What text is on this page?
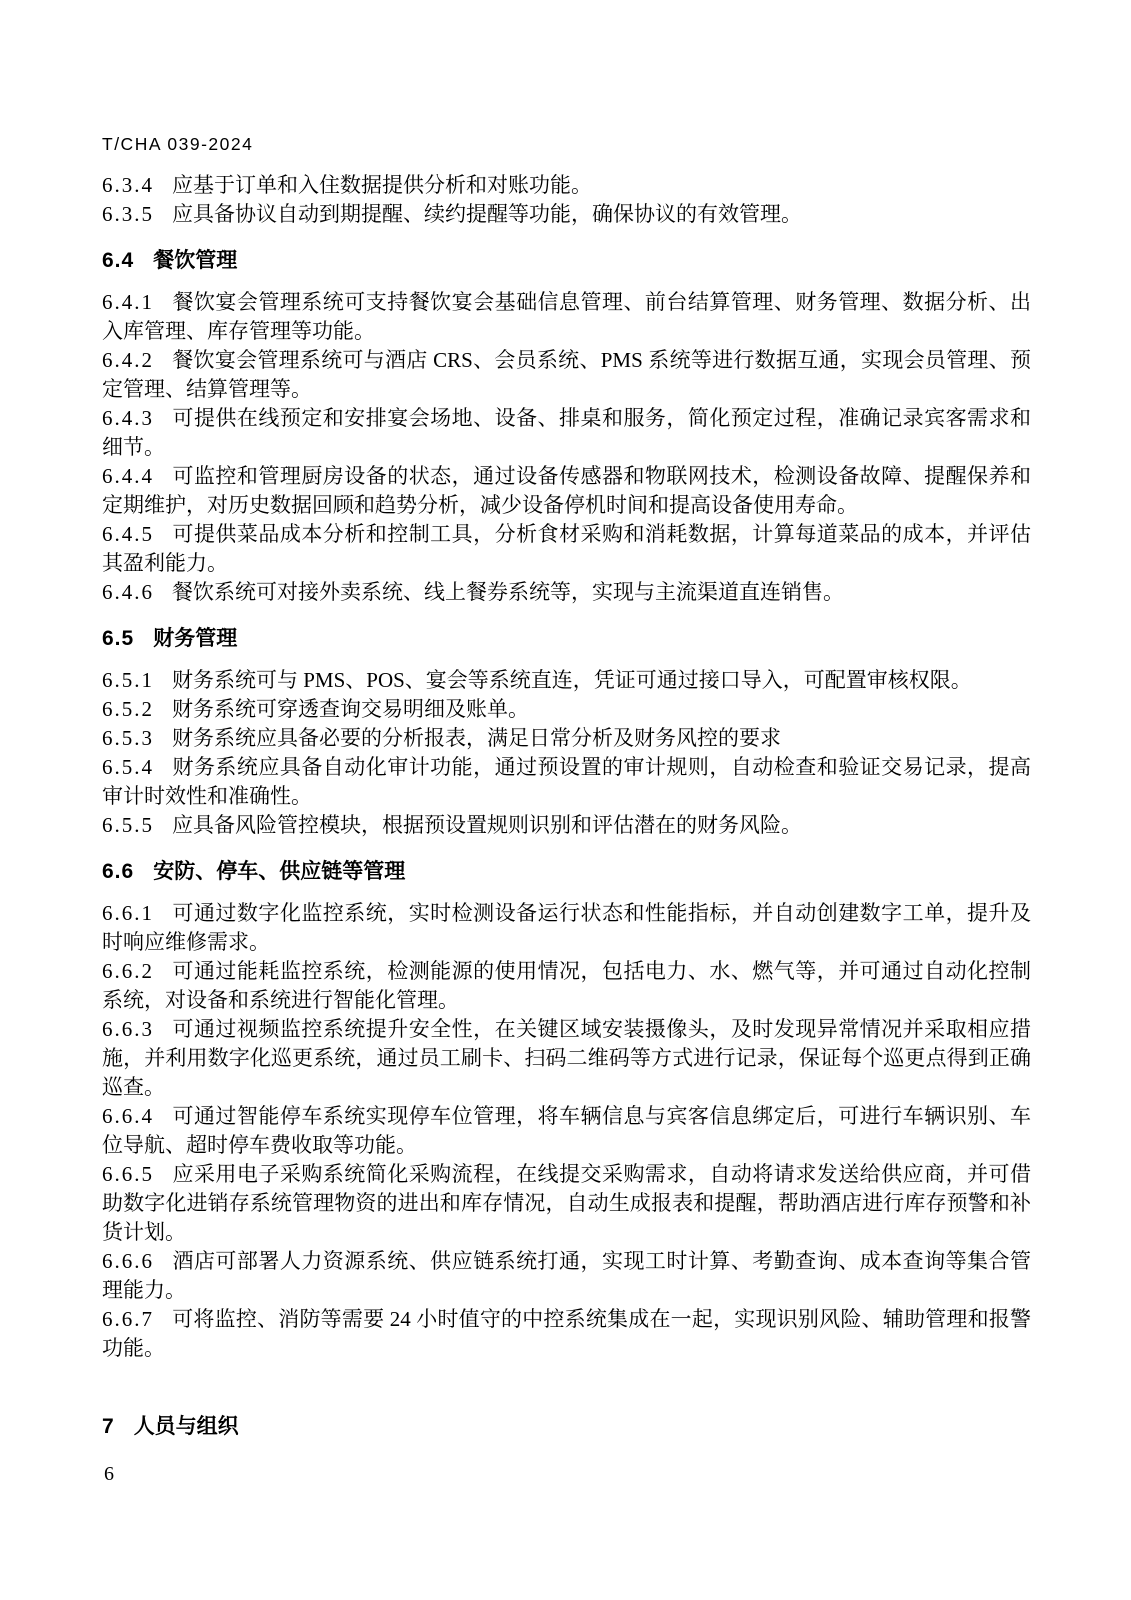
T/CHA 039-2024

6.3.4 应基于订单和入住数据提供分析和对账功能。

6.3.5 应具备协议自动到期提醒、续约提醒等功能，确保协议的有效管理。

6.4 餐饮管理

6.4.1 餐饮宴会管理系统可支持餐饮宴会基础信息管理、前台结算管理、财务管理、数据分析、出入库管理、库存管理等功能。

6.4.2 餐饮宴会管理系统可与酒店 CRS、会员系统、PMS 系统等进行数据互通，实现会员管理、预定管理、结算管理等。

6.4.3 可提供在线预定和安排宴会场地、设备、排桌和服务，简化预定过程，准确记录宾客需求和细节。

6.4.4 可监控和管理厨房设备的状态，通过设备传感器和物联网技术，检测设备故障、提醒保养和定期维护，对历史数据回顾和趋势分析，减少设备停机时间和提高设备使用寿命。

6.4.5 可提供菜品成本分析和控制工具，分析食材采购和消耗数据，计算每道菜品的成本，并评估其盈利能力。

6.4.6 餐饮系统可对接外卖系统、线上餐券系统等，实现与主流渠道直连销售。

6.5 财务管理

6.5.1 财务系统可与 PMS、POS、宴会等系统直连，凭证可通过接口导入，可配置审核权限。

6.5.2 财务系统可穿透查询交易明细及账单。

6.5.3 财务系统应具备必要的分析报表，满足日常分析及财务风控的要求

6.5.4 财务系统应具备自动化审计功能，通过预设置的审计规则，自动检查和验证交易记录，提高审计时效性和准确性。

6.5.5 应具备风险管控模块，根据预设置规则识别和评估潜在的财务风险。

6.6 安防、停车、供应链等管理

6.6.1 可通过数字化监控系统，实时检测设备运行状态和性能指标，并自动创建数字工单，提升及时响应维修需求。

6.6.2 可通过能耗监控系统，检测能源的使用情况，包括电力、水、燃气等，并可通过自动化控制系统，对设备和系统进行智能化管理。

6.6.3 可通过视频监控系统提升安全性，在关键区域安装摄像头，及时发现异常情况并采取相应措施，并利用数字化巡更系统，通过员工刷卡、扫码二维码等方式进行记录，保证每个巡更点得到正确巡查。

6.6.4 可通过智能停车系统实现停车位管理，将车辆信息与宾客信息绑定后，可进行车辆识别、车位导航、超时停车费收取等功能。

6.6.5 应采用电子采购系统简化采购流程，在线提交采购需求，自动将请求发送给供应商，并可借助数字化进销存系统管理物资的进出和库存情况，自动生成报表和提醒，帮助酒店进行库存预警和补货计划。

6.6.6 酒店可部署人力资源系统、供应链系统打通，实现工时计算、考勤查询、成本查询等集合管理能力。

6.6.7 可将监控、消防等需要 24 小时值守的中控系统集成在一起，实现识别风险、辅助管理和报警功能。

7 人员与组织
6
